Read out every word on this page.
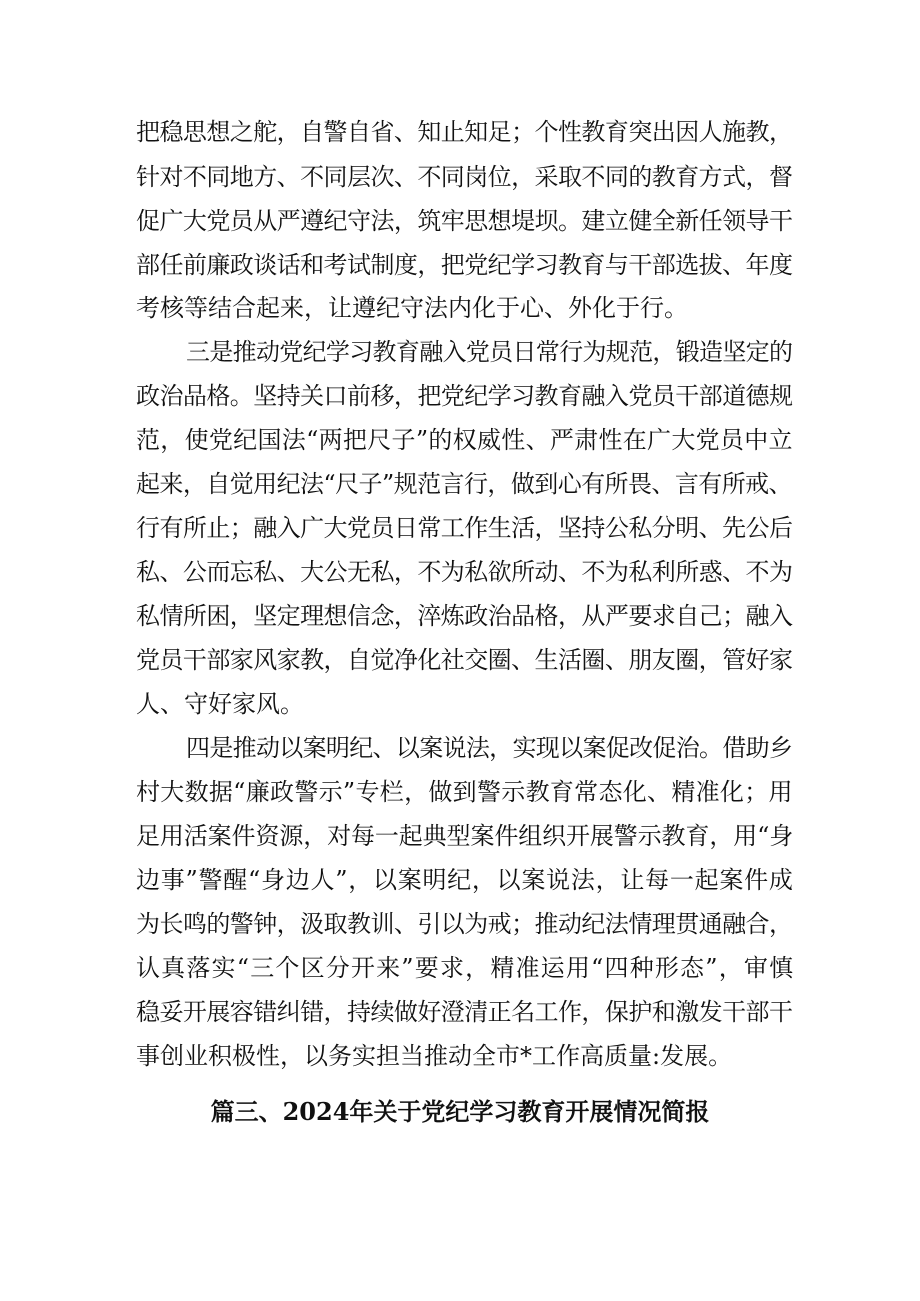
把稳思想之舵，自警自省、知止知足；个性教育突出因人施教，
针对不同地方、不同层次、不同岗位，采取不同的教育方式，督
促广大党员从严遵纪守法，筑牢思想堤坝。建立健全新任领导干
部任前廉政谈话和考试制度，把党纪学习教育与干部选拔、年度
考核等结合起来，让遵纪守法内化于心、外化于行。
三是推动党纪学习教育融入党员日常行为规范，锻造坚定的
政治品格。坚持关口前移，把党纪学习教育融入党员干部道德规
范，使党纪国法“两把尺子”的权威性、严肃性在广大党员中立
起来，自觉用纪法“尺子”规范言行，做到心有所畏、言有所戒、
行有所止；融入广大党员日常工作生活，坚持公私分明、先公后
私、公而忘私、大公无私，不为私欲所动、不为私利所惑、不为
私情所困，坚定理想信念，淬炼政治品格，从严要求自己；融入
党员干部家风家教，自觉净化社交圈、生活圈、朋友圈，管好家
人、守好家风。
四是推动以案明纪、以案说法，实现以案促改促治。借助乡
村大数据“廉政警示”专栏，做到警示教育常态化、精准化；用
足用活案件资源，对每一起典型案件组织开展警示教育，用“身
边事”警醒“身边人”，以案明纪，以案说法，让每一起案件成
为长鸣的警钟，汲取教训、引以为戒；推动纪法情理贯通融合，
认真落实“三个区分开来”要求，精准运用“四种形态”，审慎
稳妥开展容错纠错，持续做好澄清正名工作，保护和激发干部干
事创业积极性，以务实担当推动全市*工作高质量:发展。
篇三、2024年关于党纪学习教育开展情况简报
